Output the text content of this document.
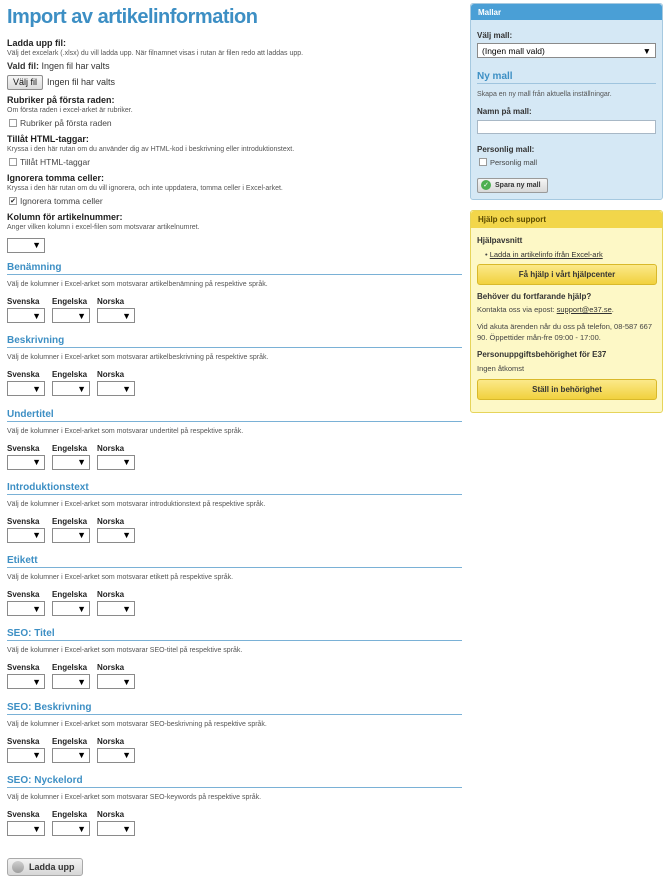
Import av artikelinformation
Ladda upp fil:
Välj det excelark (.xlsx) du vill ladda upp. När filnamnet visas i rutan är filen redo att laddas upp.
Vald fil: Ingen fil har valts
Välj fil	Ingen fil har valts
Rubriker på första raden:
Om första raden i excel-arket är rubriker.
Rubriker på första raden
Tillåt HTML-taggar:
Kryssa i den här rutan om du använder dig av HTML-kod i beskrivning eller introduktionstext.
Tillåt HTML-taggar
Ignorera tomma celler:
Kryssa i den här rutan om du vill ignorera, och inte uppdatera, tomma celler i Excel-arket.
✔ Ignorera tomma celler
Kolumn för artikelnummer:
Anger vilken kolumn i excel-filen som motsvarar artikelnumret.
▼
Benämning
Välj de kolumner i Excel-arket som motsvarar artikelbenämning på respektive språk.
Svenska	Engelska	Norska
▼	▼	▼
Beskrivning
Välj de kolumner i Excel-arket som motsvarar artikelbeskrivning på respektive språk.
Svenska	Engelska	Norska
▼	▼	▼
Undertitel
Välj de kolumner i Excel-arket som motsvarar undertitel på respektive språk.
Svenska	Engelska	Norska
▼	▼	▼
Introduktionstext
Välj de kolumner i Excel-arket som motsvarar introduktionstext på respektive språk.
Svenska	Engelska	Norska
▼	▼	▼
Etikett
Välj de kolumner i Excel-arket som motsvarar etikett på respektive språk.
Svenska	Engelska	Norska
▼	▼	▼
SEO: Titel
Välj de kolumner i Excel-arket som motsvarar SEO-titel på respektive språk.
Svenska	Engelska	Norska
▼	▼	▼
SEO: Beskrivning
Välj de kolumner i Excel-arket som motsvarar SEO-beskrivning på respektive språk.
Svenska	Engelska	Norska
▼	▼	▼
SEO: Nyckelord
Välj de kolumner i Excel-arket som motsvarar SEO-keywords på respektive språk.
Svenska	Engelska	Norska
▼	▼	▼
Ladda upp
Mallar
Välj mall:
(Ingen mall vald)	▼
Ny mall
Skapa en ny mall från aktuella inställningar.
Namn på mall:
Personlig mall:
Personlig mall
✓ Spara ny mall
Hjälp och support
Hjälpavsnitt
• Ladda in artikelinfo ifrån Excel-ark
Få hjälp i vårt hjälpcenter
Behöver du fortfarande hjälp?
Kontakta oss via epost: support@e37.se.
Vid akuta ärenden når du oss på telefon, 08-587 667 90. Öppettider mån-fre 09:00 - 17:00.
Personuppgiftsbehörighet för E37
Ingen åtkomst
Ställ in behörighet
